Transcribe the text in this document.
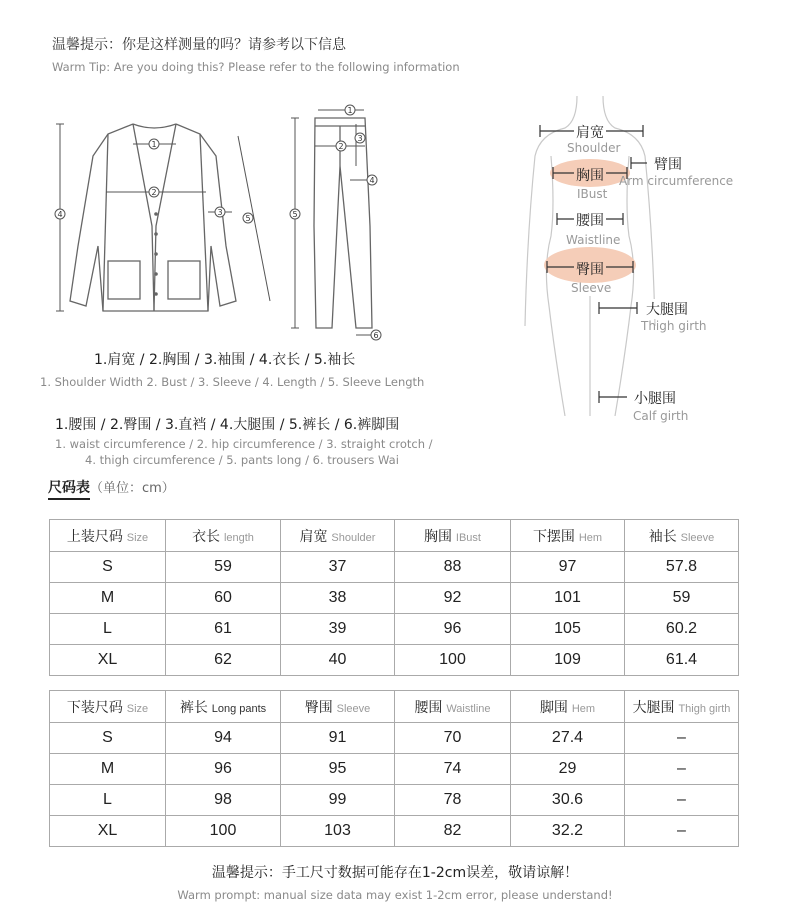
温馨提示：你是这样测量的吗？请参考以下信息
Warm Tip: Are you doing this? Please refer to the following information
1
2
3
4	5
1
2
3
4
5
6
1.肩宽 / 2.胸围 / 3.袖围 / 4.衣长 / 5.袖长
1. Shoulder Width 2. Bust / 3. Sleeve / 4. Length / 5. Sleeve Length
1.腰围 / 2.臀围 / 3.直裆 / 4.大腿围 / 5.裤长 / 6.裤脚围
1. waist circumference / 2. hip circumference / 3. straight crotch /
4. thigh circumference / 5. pants long / 6. trousers Wai
肩宽
Shoulder
臂围
Arm circumference
胸围
IBust
腰围
Waistline
臀围
Sleeve
大腿围
Thigh girth
小腿围
Calf girth
尺码表（单位：cm）
上装尺码 Size	衣长 length	肩宽 Shoulder	胸围 IBust	下摆围 Hem	袖长 Sleeve
S	59	37	88	97	57.8
M	60	38	92	101	59
L	61	39	96	105	60.2
XL	62	40	100	109	61.4
下装尺码 Size	裤长 Long pants	臀围 Sleeve	腰围 Waistline	脚围 Hem	大腿围 Thigh girth
S	94	91	70	27.4	–
M	96	95	74	29	–
L	98	99	78	30.6	–
XL	100	103	82	32.2	–
温馨提示：手工尺寸数据可能存在1-2cm误差，敬请谅解！
Warm prompt: manual size data may exist 1-2cm error, please understand!
